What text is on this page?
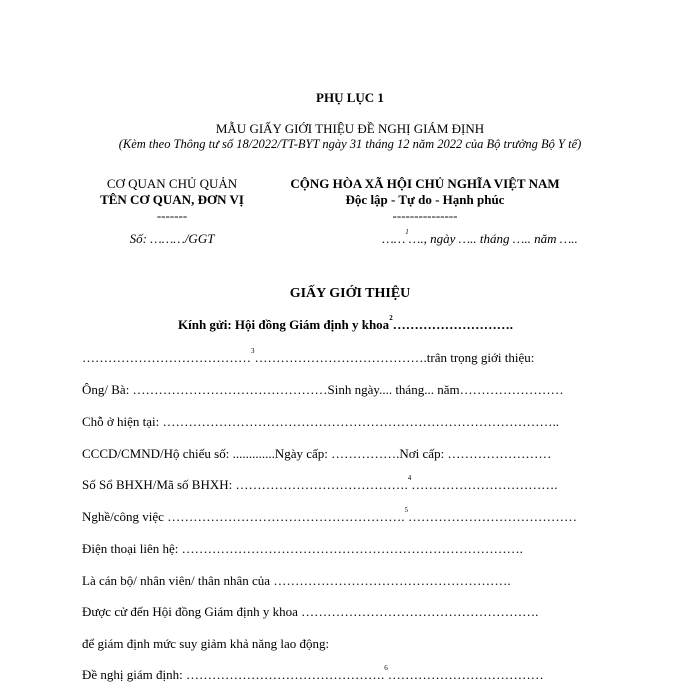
PHỤ LỤC 1
MẪU GIẤY GIỚI THIỆU ĐỀ NGHỊ GIÁM ĐỊNH
(Kèm theo Thông tư số 18/2022/TT-BYT ngày 31 tháng 12 năm 2022 của Bộ trưởng Bộ Y tế)
CƠ QUAN CHỦ QUẢN
TÊN CƠ QUAN, ĐƠN VỊ
-------
Số: ………/GGT
CỘNG HÒA XÃ HỘI CHỦ NGHĨA VIỆT NAM
Độc lập - Tự do - Hạnh phúc
---------------
……$^1$…., ngày ….. tháng ….. năm …..
GIẤY GIỚI THIỆU
Kính gửi: Hội đồng Giám định y khoa$^2$……………………….
…………………………………$^3$………………………………….trân trọng giới thiệu:
Ông/ Bà: ………………………………………Sinh ngày.... tháng... năm……………………
Chỗ ở hiện tại: ………………………………………………………………………………..
CCCD/CMND/Hộ chiếu số: .............Ngày cấp: …………….Nơi cấp: ……………………
Số Sổ BHXH/Mã số BHXH: ………………………………….$^4$…………………………….
Nghề/công việc ……………………………………………….$^5$…………………………………
Điện thoại liên hệ: …………………………………………………………………….
Là cán bộ/ nhân viên/ thân nhân của ……………………………………………….
Được cử đến Hội đồng Giám định y khoa ……………………………………………….
để giám định mức suy giảm khả năng lao động:
Đề nghị giám định: ……………………………………….$^6$………………………………
